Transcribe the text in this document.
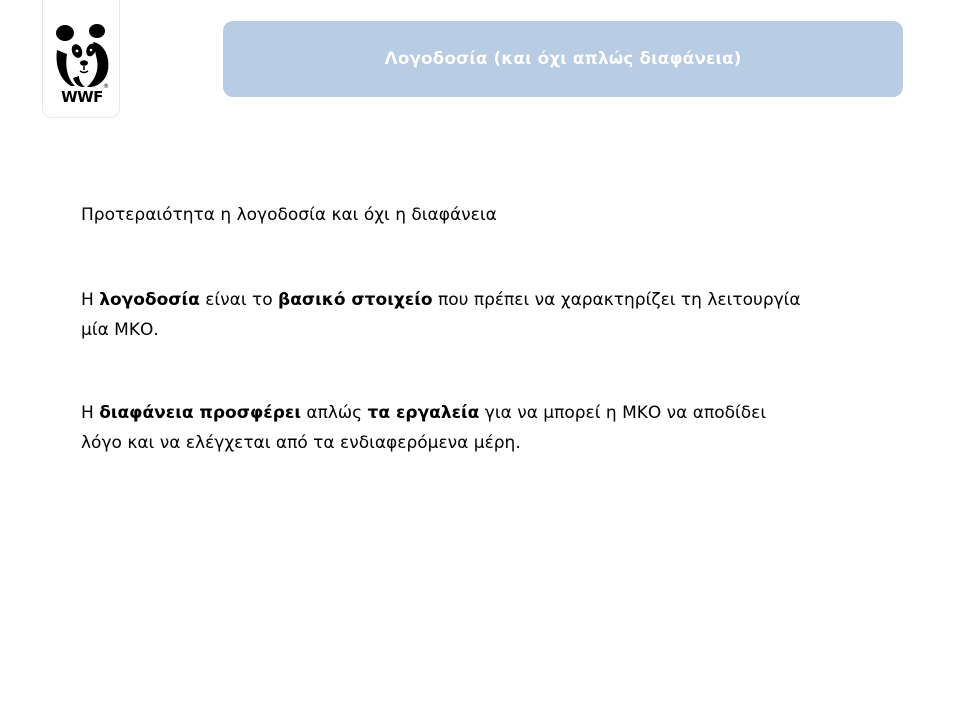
®
WWF
Λογοδοσία (και όχι απλώς διαφάνεια)

Προτεραιότητα η λογοδοσία και όχι η διαφάνεια

Η λογοδοσία είναι το βασικό στοιχείο που πρέπει να χαρακτηρίζει τη λειτουργία μία ΜΚΟ.

Η διαφάνεια προσφέρει απλώς τα εργαλεία για να μπορεί η ΜΚΟ να αποδίδει λόγο και να ελέγχεται από τα ενδιαφερόμενα μέρη.
